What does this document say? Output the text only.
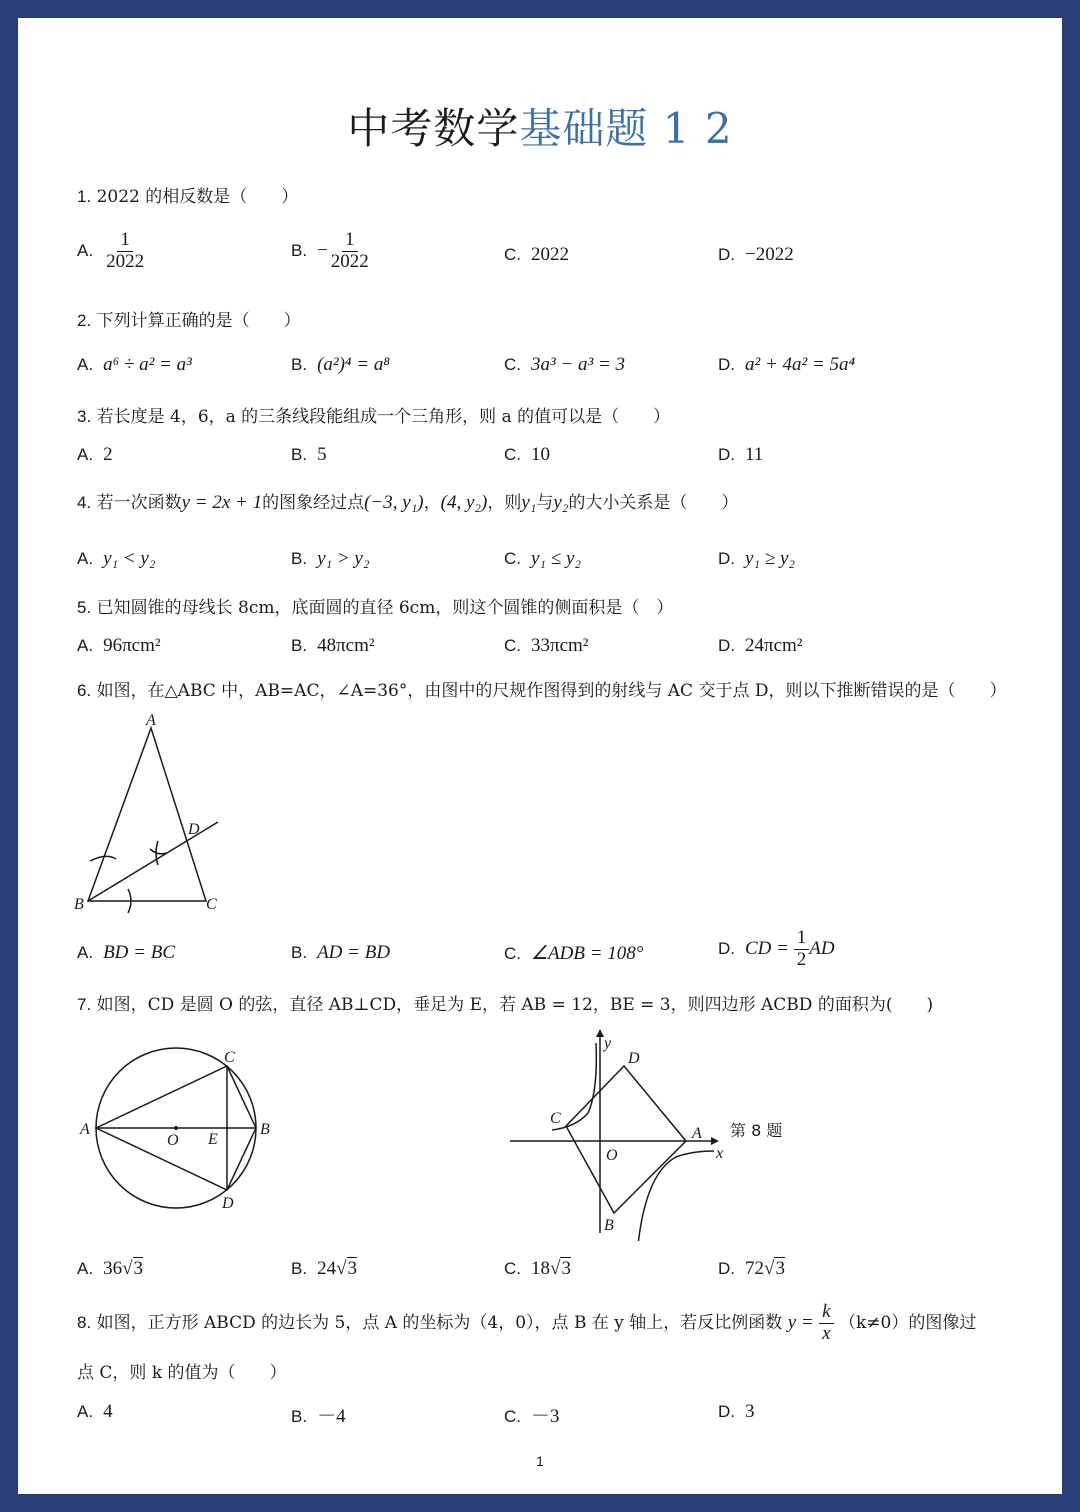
中考数学基础题 1 2
1. 2022 的相反数是（　　）
A. $\frac{1}{2022}$	B. − $\frac{1}{2022}$	C. 2022	D. −2022
2. 下列计算正确的是（　　）
A. a⁶ ÷ a² = a³	B. (a²)⁴ = a⁸	C. 3a³ − a³ = 3	D. a² + 4a² = 5a⁴
3. 若长度是 4，6，a 的三条线段能组成一个三角形，则 a 的值可以是（　　）
A. 2	B. 5	C. 10	D. 11
4. 若一次函数y = 2x + 1的图象经过点(−3, y₁)，(4, y₂)，则y₁与y₂的大小关系是（　　）
A. y₁ < y₂	B. y₁ > y₂	C. y₁ ≤ y₂	D. y₁ ≥ y₂
5. 已知圆锥的母线长 8cm，底面圆的直径 6cm，则这个圆锥的侧面积是（　）
A. 96πcm²	B. 48πcm²	C. 33πcm²	D. 24πcm²
6. 如图，在△ABC 中，AB=AC，∠A=36°，由图中的尺规作图得到的射线与 AC 交于点 D，则以下推断错误的是（　　）
A
B	C
D
A. BD = BC	B. AD = BD	C. ∠ADB = 108°	D. CD = $\frac{1}{2}$ AD
7. 如图，CD 是圆 O 的弦，直径 AB⊥CD，垂足为 E，若 AB = 12，BE = 3，则四边形 ACBD 的面积为(　　)
A	B
C
D
O E
y
x
A
B
C
D
O
第 8 题
A. 36√3	B. 24√3	C. 18√3	D. 72√3
8. 如图，正方形 ABCD 的边长为 5，点 A 的坐标为（4，0），点 B 在 y 轴上，若反比例函数 $y = \frac{k}{x} (k\ne 0)$的图像过
点 C，则 k 的值为（　　）
A. 4	B. －4	C. －3	D. 3
1
